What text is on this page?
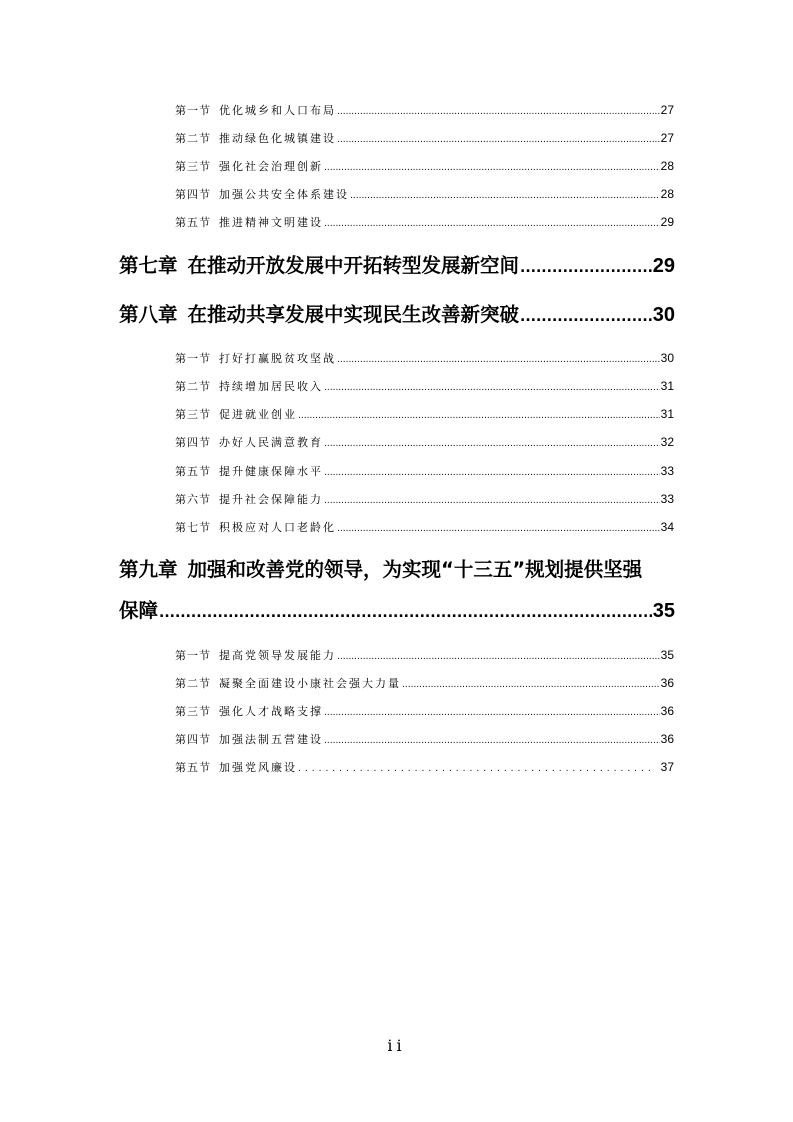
第一节 优化城乡和人口布局 .....	27
第二节 推动绿色化城镇建设 .....	27
第三节 强化社会治理创新 .....	28
第四节 加强公共安全体系建设 .....	28
第五节 推进精神文明建设 .....	29
第七章 在推动开放发展中开拓转型发展新空间 .....	29
第八章 在推动共享发展中实现民生改善新突破 .....	30
第一节 打好打赢脱贫攻坚战 .....	30
第二节 持续增加居民收入 .....	31
第三节 促进就业创业 .....	31
第四节 办好人民满意教育 .....	32
第五节 提升健康保障水平 .....	33
第六节 提升社会保障能力 .....	33
第七节 积极应对人口老龄化 .....	34
第九章 加强和改善党的领导，为实现“十三五”规划提供坚强
保障 .....	35
第一节 提高党领导发展能力 .....	35
第二节 凝聚全面建设小康社会强大力量 .....	36
第三节 强化人才战略支撑 .....	36
第四节 加强法制五营建设 .....	36
第五节 加强党风廉设 .....	37
ii
